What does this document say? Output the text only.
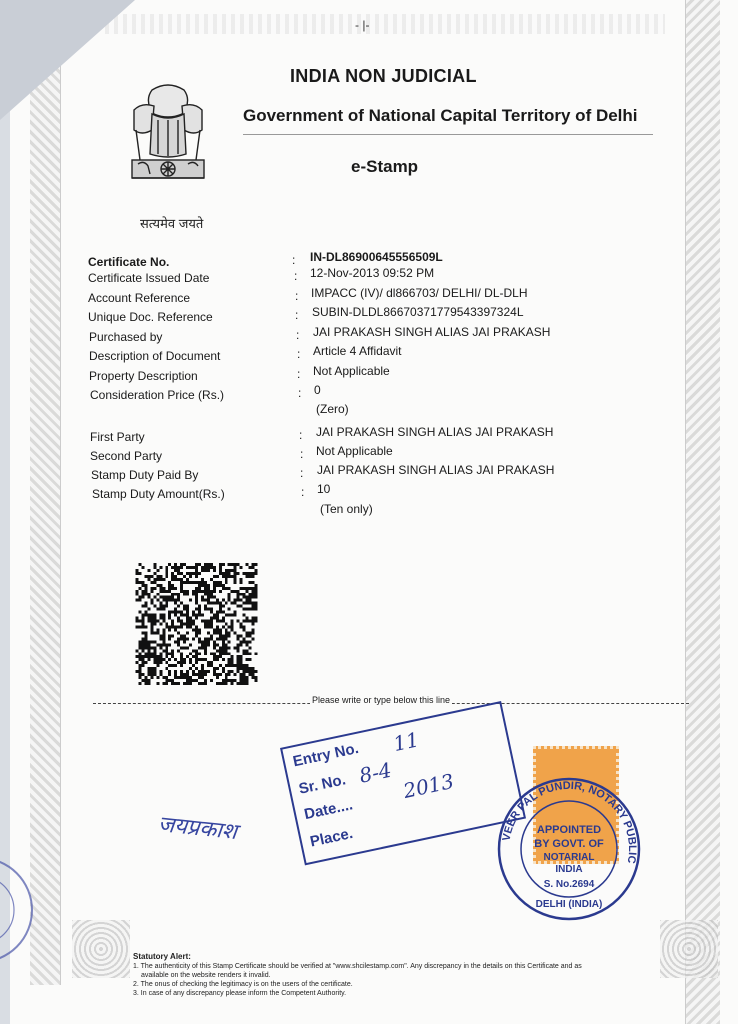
- |-
सत्यमेव जयते
INDIA NON JUDICIAL
Government of National Capital Territory of Delhi
e-Stamp
Certificate No.	: IN-DL86900645556509L
Certificate Issued Date	: 12-Nov-2013 09:52 PM
Account Reference	: IMPACC (IV)/ dl866703/ DELHI/ DL-DLH
Unique Doc. Reference	: SUBIN-DLDL86670371779543397324L
Purchased by	: JAI PRAKASH SINGH ALIAS JAI PRAKASH
Description of Document	: Article 4 Affidavit
Property Description	: Not Applicable
Consideration Price (Rs.)	: 0
(Zero)
First Party	: JAI PRAKASH SINGH ALIAS JAI PRAKASH
Second Party	: Not Applicable
Stamp Duty Paid By	: JAI PRAKASH SINGH ALIAS JAI PRAKASH
Stamp Duty Amount(Rs.)	: 10
(Ten only)
Please write or type below this line
Entry No. 11
Sr. No. 8-4
Date....
2013
Place.
जयप्रकाश	VEER PAL PUNDIR, NOTARY PUBLIC
APPOINTED
BY GOVT. OF
NOTARIAL
INDIA
S. No.2694
DELHI (INDIA)
Statutory Alert:
1. The authenticity of this Stamp Certificate should be verified at "www.shcilestamp.com". Any discrepancy in the details on this Certificate and as
available on the website renders it invalid.
2. The onus of checking the legitimacy is on the users of the certificate.
3. In case of any discrepancy please inform the Competent Authority.
